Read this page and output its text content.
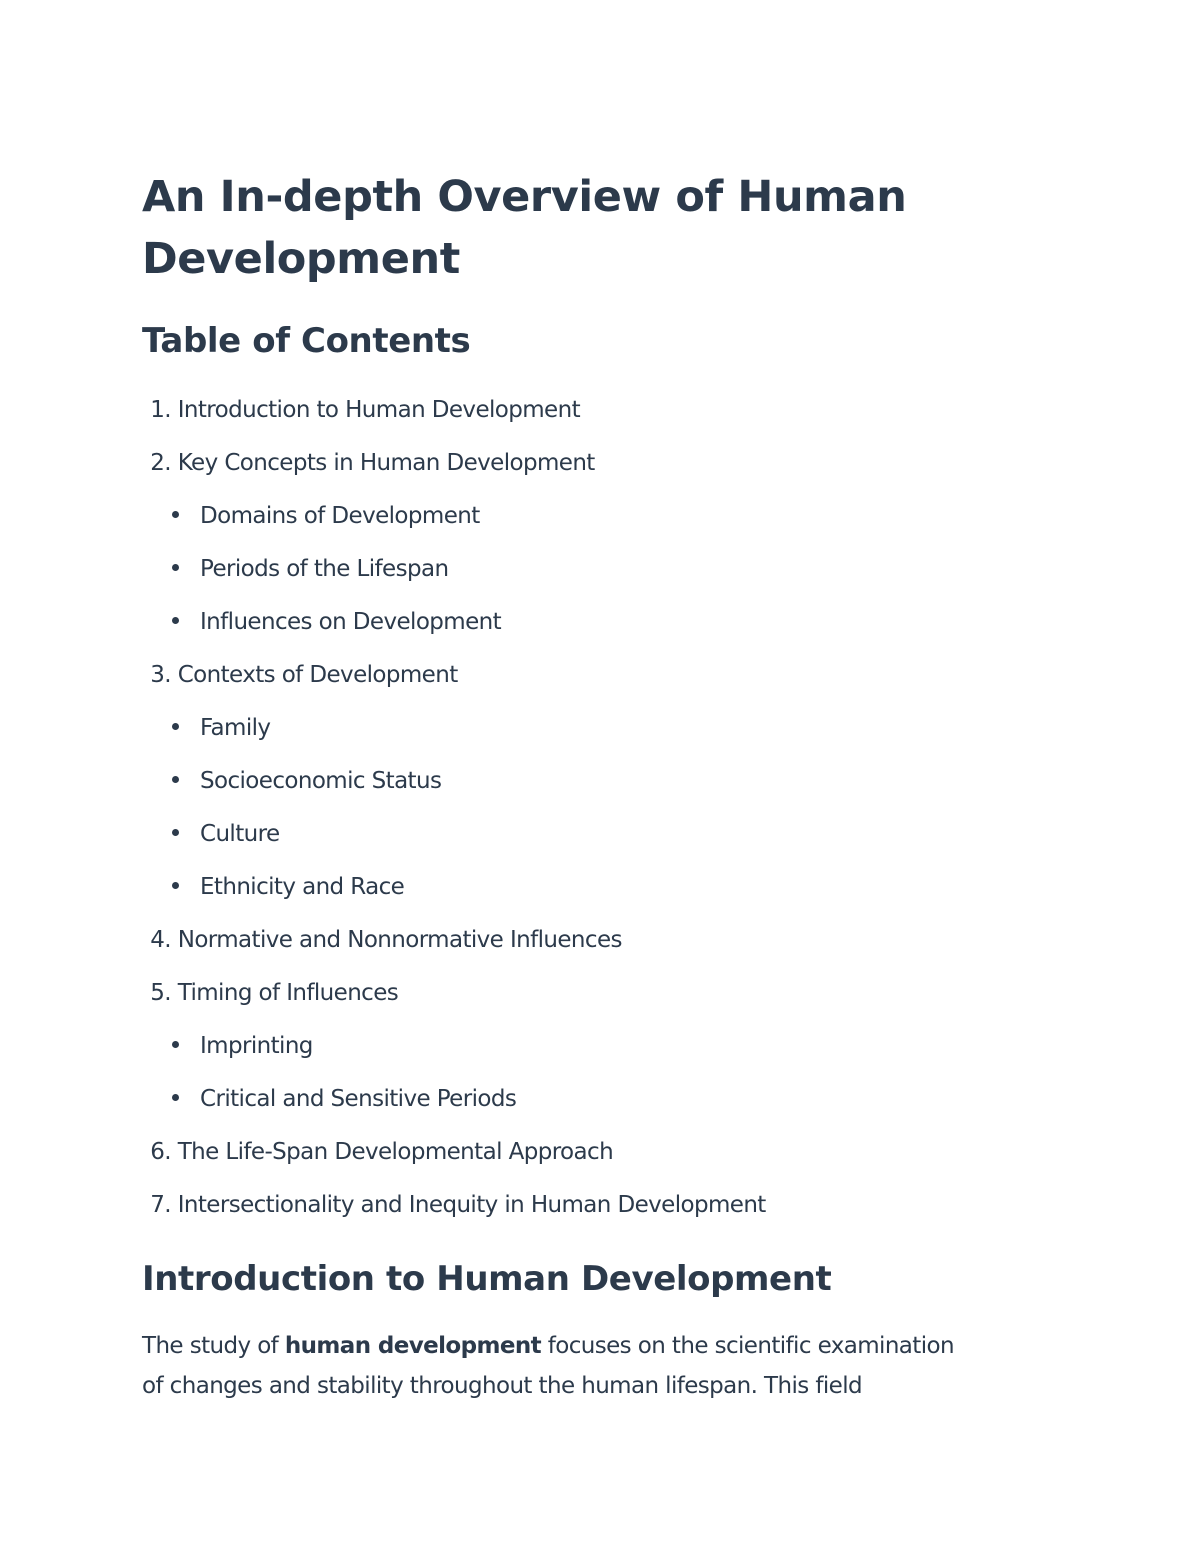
An In-depth Overview of Human
Development
Table of Contents
1. Introduction to Human Development
2. Key Concepts in Human Development
Domains of Development
Periods of the Lifespan
Influences on Development
3. Contexts of Development
Family
Socioeconomic Status
Culture
Ethnicity and Race
4. Normative and Nonnormative Influences
5. Timing of Influences
Imprinting
Critical and Sensitive Periods
6. The Life-Span Developmental Approach
7. Intersectionality and Inequity in Human Development
Introduction to Human Development

The study of human development focuses on the scientific examination
of changes and stability throughout the human lifespan. This field
